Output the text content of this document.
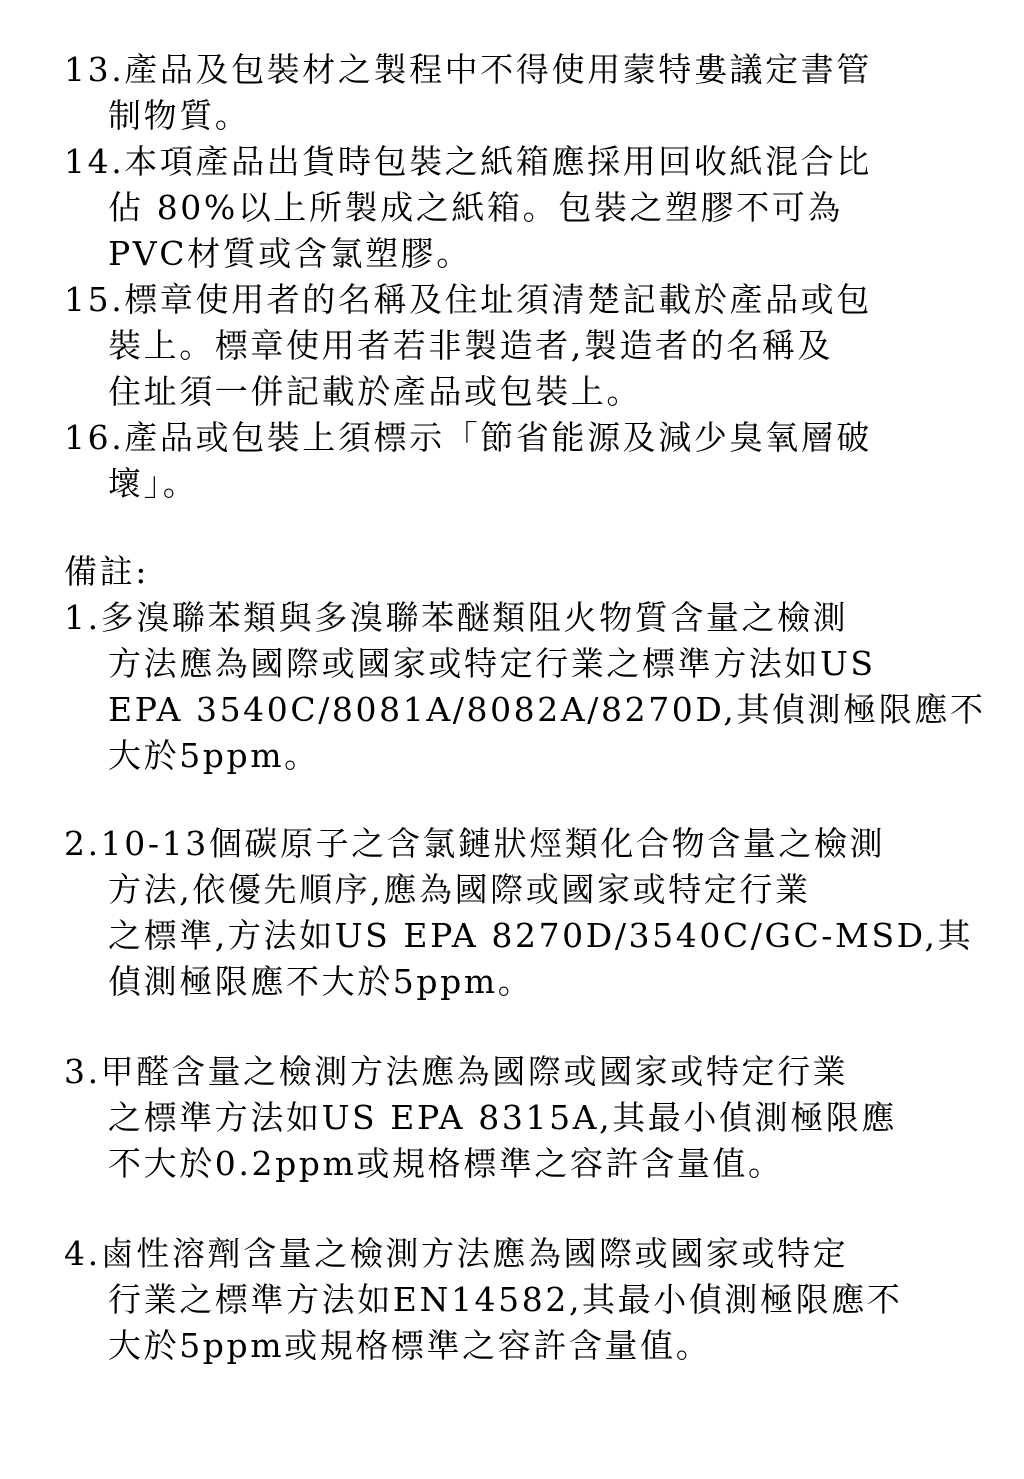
13.產品及包裝材之製程中不得使用蒙特婁議定書管
制物質。
14.本項產品出貨時包裝之紙箱應採用回收紙混合比
佔 80%以上所製成之紙箱。包裝之塑膠不可為
PVC材質或含氯塑膠。
15.標章使用者的名稱及住址須清楚記載於產品或包
裝上。標章使用者若非製造者,製造者的名稱及
住址須一併記載於產品或包裝上。
16.產品或包裝上須標示「節省能源及減少臭氧層破
壞」。
備註:
1.多溴聯苯類與多溴聯苯醚類阻火物質含量之檢測
方法應為國際或國家或特定行業之標準方法如US
EPA 3540C/8081A/8082A/8270D,其偵測極限應不
大於5ppm。
2.10-13個碳原子之含氯鏈狀烴類化合物含量之檢測
方法,依優先順序,應為國際或國家或特定行業
之標準,方法如US EPA 8270D/3540C/GC-MSD,其
偵測極限應不大於5ppm。
3.甲醛含量之檢測方法應為國際或國家或特定行業
之標準方法如US EPA 8315A,其最小偵測極限應
不大於0.2ppm或規格標準之容許含量值。
4.鹵性溶劑含量之檢測方法應為國際或國家或特定
行業之標準方法如EN14582,其最小偵測極限應不
大於5ppm或規格標準之容許含量值。
